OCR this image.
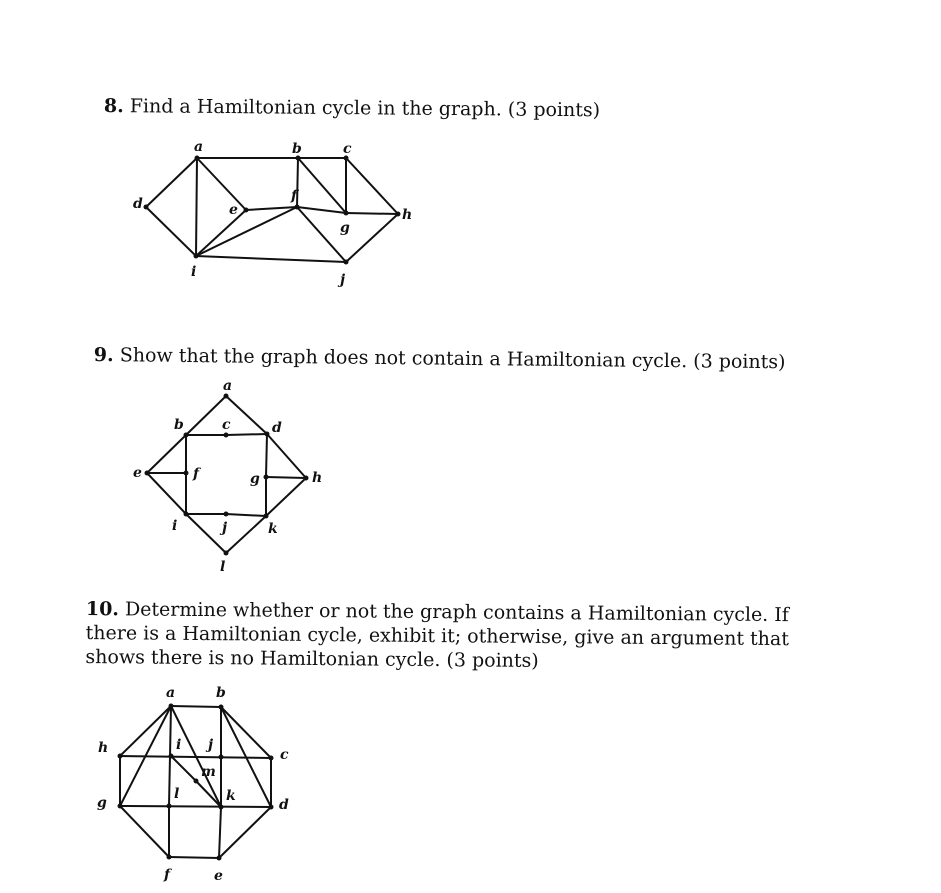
8. Find a Hamiltonian cycle in the graph. (3 points)
a	b	c
d	e
f
g
h
i	j
9. Show that the graph does not contain a Hamiltonian cycle. (3 points)
a
b	c	d
e	f	g	h
i	j	k
l
10. Determine whether or not the graph contains a Hamiltonian cycle. If there is a Hamiltonian cycle, exhibit it; otherwise, give an argument that shows there is no Hamiltonian cycle. (3 points)
a	b
c
d
e
f
g
h	i j
k
l
m
